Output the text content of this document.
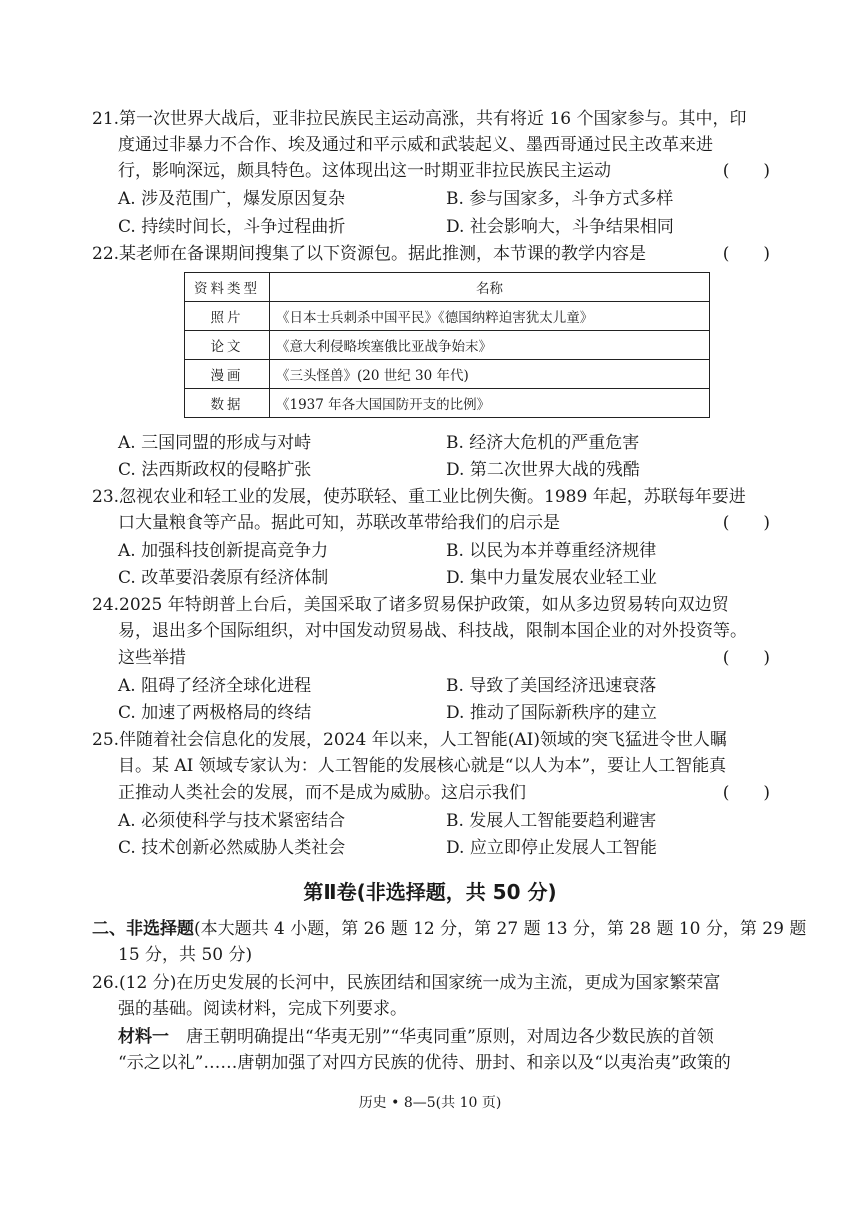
21.第一次世界大战后，亚非拉民族民主运动高涨，共有将近 16 个国家参与。其中，印
度通过非暴力不合作、埃及通过和平示威和武装起义、墨西哥通过民主改革来进
行，影响深远，颇具特色。这体现出这一时期亚非拉民族民主运动	(　　)
A. 涉及范围广，爆发原因复杂	B. 参与国家多，斗争方式多样
C. 持续时间长，斗争过程曲折	D. 社会影响大，斗争结果相同
22.某老师在备课期间搜集了以下资源包。据此推测，本节课的教学内容是	(　　)
资料类型	名称
照片	《日本士兵刺杀中国平民》《德国纳粹迫害犹太儿童》
论文	《意大利侵略埃塞俄比亚战争始末》
漫画	《三头怪兽》(20 世纪 30 年代)
数据	《1937 年各大国国防开支的比例》
A. 三国同盟的形成与对峙	B. 经济大危机的严重危害
C. 法西斯政权的侵略扩张	D. 第二次世界大战的残酷
23.忽视农业和轻工业的发展，使苏联轻、重工业比例失衡。1989 年起，苏联每年要进
口大量粮食等产品。据此可知，苏联改革带给我们的启示是	(　　)
A. 加强科技创新提高竞争力	B. 以民为本并尊重经济规律
C. 改革要沿袭原有经济体制	D. 集中力量发展农业轻工业
24.2025 年特朗普上台后，美国采取了诸多贸易保护政策，如从多边贸易转向双边贸
易，退出多个国际组织，对中国发动贸易战、科技战，限制本国企业的对外投资等。
这些举措	(　　)
A. 阻碍了经济全球化进程	B. 导致了美国经济迅速衰落
C. 加速了两极格局的终结	D. 推动了国际新秩序的建立
25.伴随着社会信息化的发展，2024 年以来，人工智能(AI)领域的突飞猛进令世人瞩
目。某 AI 领域专家认为：人工智能的发展核心就是“以人为本”，要让人工智能真
正推动人类社会的发展，而不是成为威胁。这启示我们	(　　)
A. 必须使科学与技术紧密结合	B. 发展人工智能要趋利避害
C. 技术创新必然威胁人类社会	D. 应立即停止发展人工智能
第Ⅱ卷(非选择题，共 50 分)
二、非选择题(本大题共 4 小题，第 26 题 12 分，第 27 题 13 分，第 28 题 10 分，第 29 题
15 分，共 50 分)
26.(12 分)在历史发展的长河中，民族团结和国家统一成为主流，更成为国家繁荣富
强的基础。阅读材料，完成下列要求。
材料一　唐王朝明确提出“华夷无别”“华夷同重”原则，对周边各少数民族的首领
“示之以礼”……唐朝加强了对四方民族的优待、册封、和亲以及“以夷治夷”政策的
历史 • 8—5(共 10 页)
